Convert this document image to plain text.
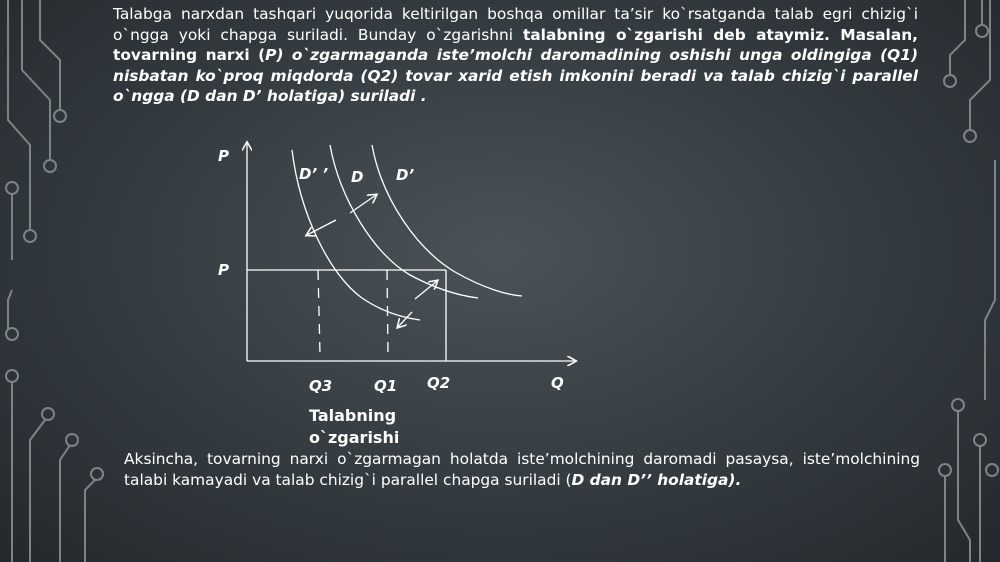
Talabga narxdan tashqari yuqorida keltirilgan boshqa omillar ta’sir ko`rsatganda talab egri chizig`i o`ngga yoki chapga suriladi. Bunday o`zgarishni talabning o`zgarishi deb ataymiz. Masalan, tovarning narxi (P) o`zgarmaganda iste’molchi daromadining oshishi unga oldingiga (Q1) nisbatan ko`proq miqdorda (Q2) tovar xarid etish imkonini beradi va talab chizig`i parallel o`ngga (D dan D’ holatiga) suriladi .
P
P
D’ ’ D D’
Q3	Q1 Q2	Q
Talabning
o`zgarishi
Aksincha, tovarning narxi o`zgarmagan holatda iste’molchining daromadi pasaysa, iste’molchining talabi kamayadi va talab chizig`i parallel chapga suriladi (D dan D’’ holatiga).
